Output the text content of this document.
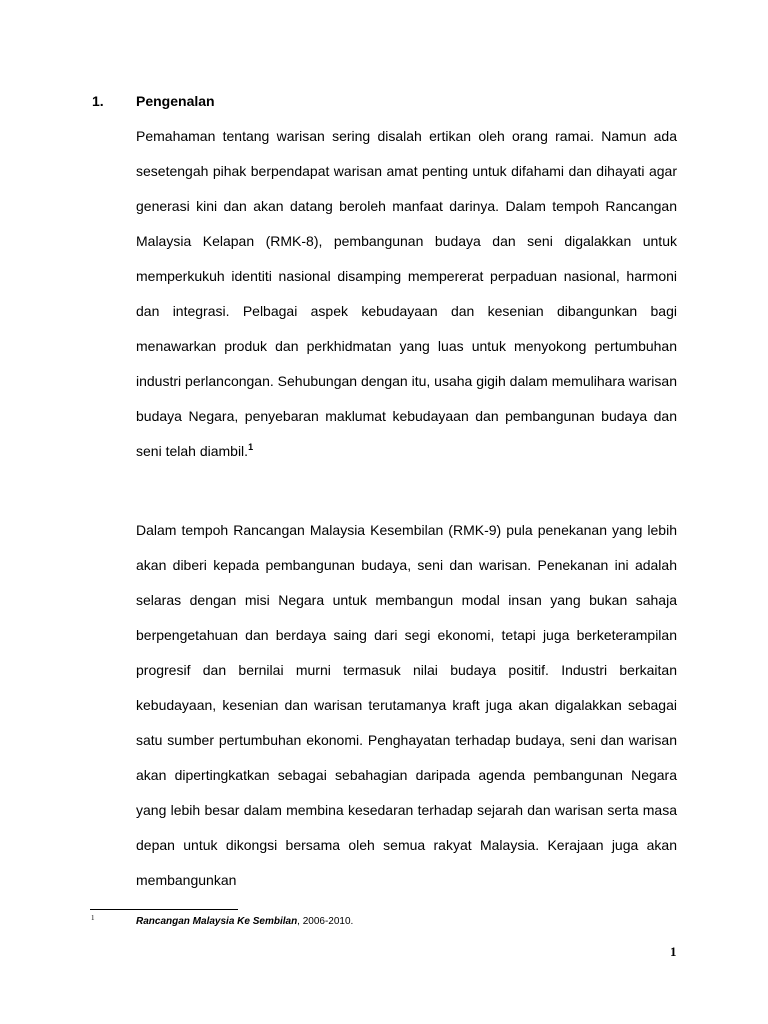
1. Pengenalan

Pemahaman tentang warisan sering disalah ertikan oleh orang ramai. Namun ada sesetengah pihak berpendapat warisan amat penting untuk difahami dan dihayati agar generasi kini dan akan datang beroleh manfaat darinya. Dalam tempoh Rancangan Malaysia Kelapan (RMK-8), pembangunan budaya dan seni digalakkan untuk memperkukuh identiti nasional disamping mempererat perpaduan nasional, harmoni dan integrasi. Pelbagai aspek kebudayaan dan kesenian dibangunkan bagi menawarkan produk dan perkhidmatan yang luas untuk menyokong pertumbuhan industri perlancongan. Sehubungan dengan itu, usaha gigih dalam memulihara warisan budaya Negara, penyebaran maklumat kebudayaan dan pembangunan budaya dan seni telah diambil.$^1$

Dalam tempoh Rancangan Malaysia Kesembilan (RMK-9) pula penekanan yang lebih akan diberi kepada pembangunan budaya, seni dan warisan. Penekanan ini adalah selaras dengan misi Negara untuk membangun modal insan yang bukan sahaja berpengetahuan dan berdaya saing dari segi ekonomi, tetapi juga berketerampilan progresif dan bernilai murni termasuk nilai budaya positif. Industri berkaitan kebudayaan, kesenian dan warisan terutamanya kraft juga akan digalakkan sebagai satu sumber pertumbuhan ekonomi. Penghayatan terhadap budaya, seni dan warisan akan dipertingkatkan sebagai sebahagian daripada agenda pembangunan Negara yang lebih besar dalam membina kesedaran terhadap sejarah dan warisan serta masa depan untuk dikongsi bersama oleh semua rakyat Malaysia. Kerajaan juga akan membangunkan

1	Rancangan Malaysia Ke Sembilan, 2006-2010.
1
